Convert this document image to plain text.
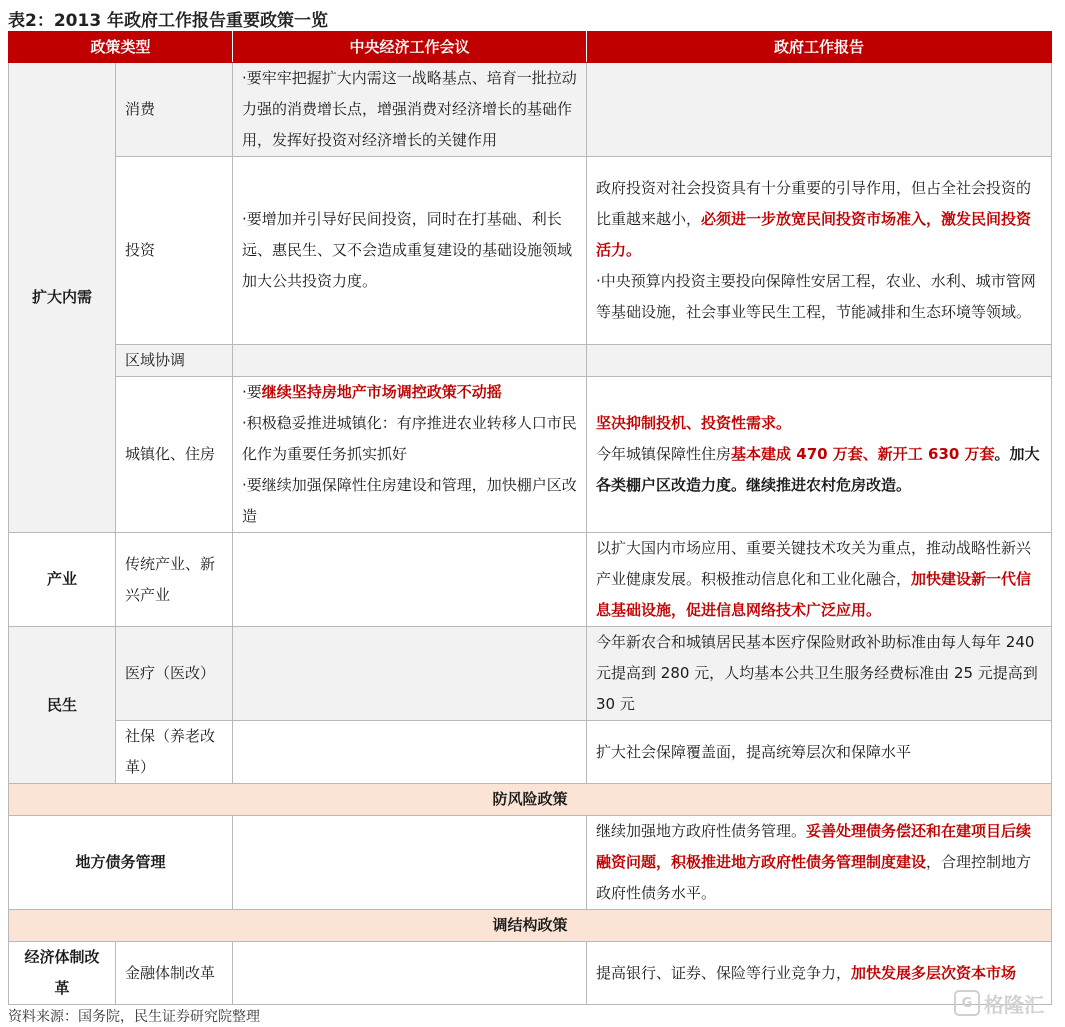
表2：2013 年政府工作报告重要政策一览
政策类型		中央经济工作会议	政府工作报告
扩大内需	消费	·要牢牢把握扩大内需这一战略基点、培育一批拉动力强的消费增长点，增强消费对经济增长的基础作用，发挥好投资对经济增长的关键作用	
	投资	·要增加并引导好民间投资，同时在打基础、利长远、惠民生、又不会造成重复建设的基础设施领域加大公共投资力度。	政府投资对社会投资具有十分重要的引导作用，但占全社会投资的比重越来越小，必须进一步放宽民间投资市场准入，激发民间投资活力。
·中央预算内投资主要投向保障性安居工程，农业、水利、城市管网等基础设施，社会事业等民生工程，节能减排和生态环境等领域。
	区域协调		
	城镇化、住房	·要继续坚持房地产市场调控政策不动摇
·积极稳妥推进城镇化：有序推进农业转移人口市民化作为重要任务抓实抓好
·要继续加强保障性住房建设和管理，加快棚户区改造	坚决抑制投机、投资性需求。
今年城镇保障性住房基本建成 470 万套、新开工 630 万套。加大各类棚户区改造力度。继续推进农村危房改造。
产业	传统产业、新兴产业		以扩大国内市场应用、重要关键技术攻关为重点，推动战略性新兴产业健康发展。积极推动信息化和工业化融合，加快建设新一代信息基础设施，促进信息网络技术广泛应用。
民生	医疗（医改）		今年新农合和城镇居民基本医疗保险财政补助标准由每人每年 240 元提高到 280 元，人均基本公共卫生服务经费标准由 25 元提高到 30 元
	社保（养老改革）		扩大社会保障覆盖面，提高统筹层次和保障水平
防风险政策			
地方债务管理			继续加强地方政府性债务管理。妥善处理债务偿还和在建项目后续融资问题，积极推进地方政府性债务管理制度建设，合理控制地方政府性债务水平。
调结构政策			
经济体制改革	金融体制改革		提高银行、证券、保险等行业竞争力，加快发展多层次资本市场
资料来源：国务院，民生证券研究院整理
G 格隆汇
